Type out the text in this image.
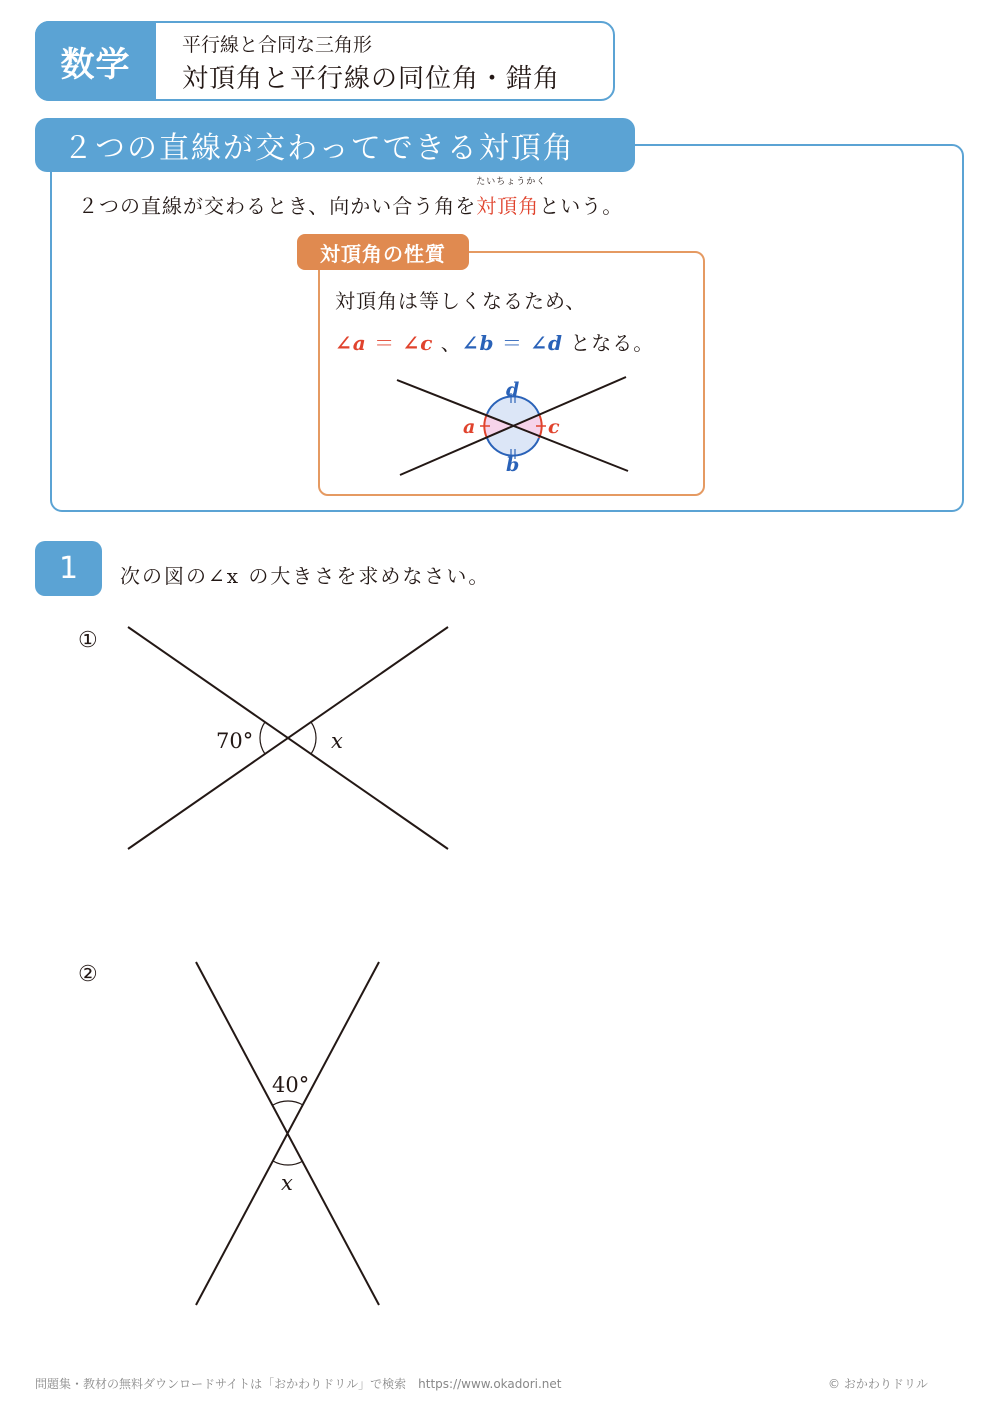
数学	平行線と合同な三角形
対頂角と平行線の同位角・錯角
２つの直線が交わってできる対頂角
２つの直線が交わるとき、向かい合う角を
たいちょうかく
対頂角という。
対頂角の性質
対頂角は等しくなるため、
∠a ＝ ∠c 、∠b ＝ ∠d となる。
a	c
d
b
1	次の図の∠x の大きさを求めなさい。
①
70°	x
②
40°
x
問題集・教材の無料ダウンロードサイトは「おかわりドリル」で検索　https://www.okadori.net	© おかわりドリル
